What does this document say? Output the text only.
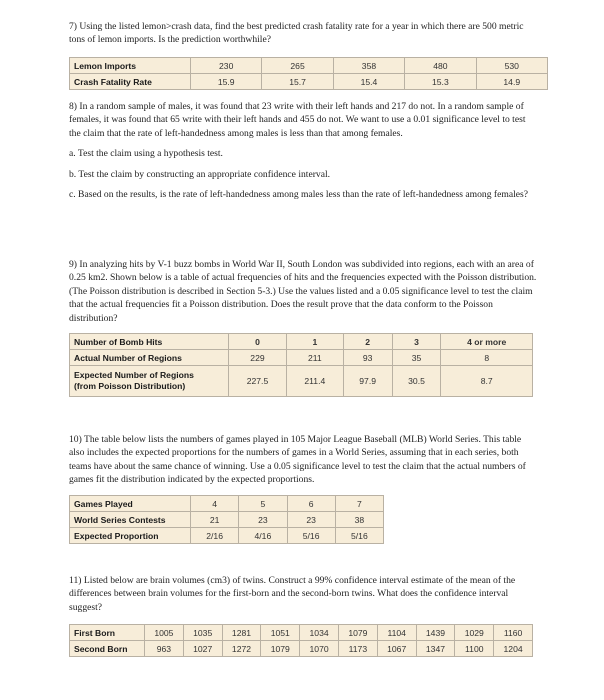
7) Using the listed lemon>crash data, find the best predicted crash fatality rate for a year in which there are 500 metric tons of lemon imports. Is the prediction worthwhile?

Lemon Imports	230	265	358	480	530
Crash Fatality Rate	15.9	15.7	15.4	15.3	14.9

8) In a random sample of males, it was found that 23 write with their left hands and 217 do not. In a random sample of females, it was found that 65 write with their left hands and 455 do not. We want to use a 0.01 significance level to test the claim that the rate of left-handedness among males is less than that among females.

a. Test the claim using a hypothesis test.

b. Test the claim by constructing an appropriate confidence interval.

c. Based on the results, is the rate of left-handedness among males less than the rate of left-handedness among females?

9) In analyzing hits by V-1 buzz bombs in World War II, South London was subdivided into regions, each with an area of 0.25 km2. Shown below is a table of actual frequencies of hits and the frequencies expected with the Poisson distribution. (The Poisson distribution is described in Section 5-3.) Use the values listed and a 0.05 significance level to test the claim that the actual frequencies fit a Poisson distribution. Does the result prove that the data conform to the Poisson distribution?

Number of Bomb Hits	0	1	2	3	4 or more
Actual Number of Regions	229	211	93	35	8
Expected Number of Regions
(from Poisson Distribution)	227.5	211.4	97.9	30.5	8.7

10) The table below lists the numbers of games played in 105 Major League Baseball (MLB) World Series. This table also includes the expected proportions for the numbers of games in a World Series, assuming that in each series, both teams have about the same chance of winning. Use a 0.05 significance level to test the claim that the actual numbers of games fit the distribution indicated by the expected proportions.

Games Played	4	5	6	7
World Series Contests	21	23	23	38
Expected Proportion	2/16	4/16	5/16	5/16

11) Listed below are brain volumes (cm3) of twins. Construct a 99% confidence interval estimate of the mean of the differences between brain volumes for the first-born and the second-born twins. What does the confidence interval suggest?

First Born	1005	1035	1281	1051	1034	1079	1104	1439	1029	1160
Second Born	963	1027	1272	1079	1070	1173	1067	1347	1100	1204
